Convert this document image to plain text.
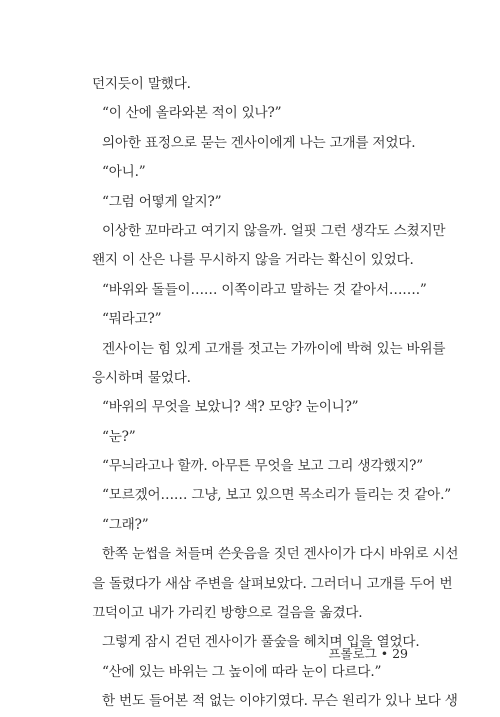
던지듯이 말했다.
“이 산에 올라와본 적이 있나?”
의아한 표정으로 묻는 겐사이에게 나는 고개를 저었다.
“아니.”
“그럼 어떻게 알지?”
이상한 꼬마라고 여기지 않을까. 얼핏 그런 생각도 스쳤지만
왠지 이 산은 나를 무시하지 않을 거라는 확신이 있었다.
“바위와 돌들이…… 이쪽이라고 말하는 것 같아서…….”
“뭐라고?”
겐사이는 힘 있게 고개를 젓고는 가까이에 박혀 있는 바위를
응시하며 물었다.
“바위의 무엇을 보았니? 색? 모양? 눈이니?”
“눈?”
“무늬라고나 할까. 아무튼 무엇을 보고 그리 생각했지?”
“모르겠어…… 그냥, 보고 있으면 목소리가 들리는 것 같아.”
“그래?”
한쪽 눈썹을 처들며 쓴웃음을 짓던 겐사이가 다시 바위로 시선
을 돌렸다가 새삼 주변을 살펴보았다. 그러더니 고개를 두어 번
끄덕이고 내가 가리킨 방향으로 걸음을 옮겼다.
그렇게 잠시 걷던 겐사이가 풀숲을 헤치며 입을 열었다.
“산에 있는 바위는 그 높이에 따라 눈이 다르다.”
한 번도 들어본 적 없는 이야기였다. 무슨 원리가 있나 보다 생
프롤로그 • 29
